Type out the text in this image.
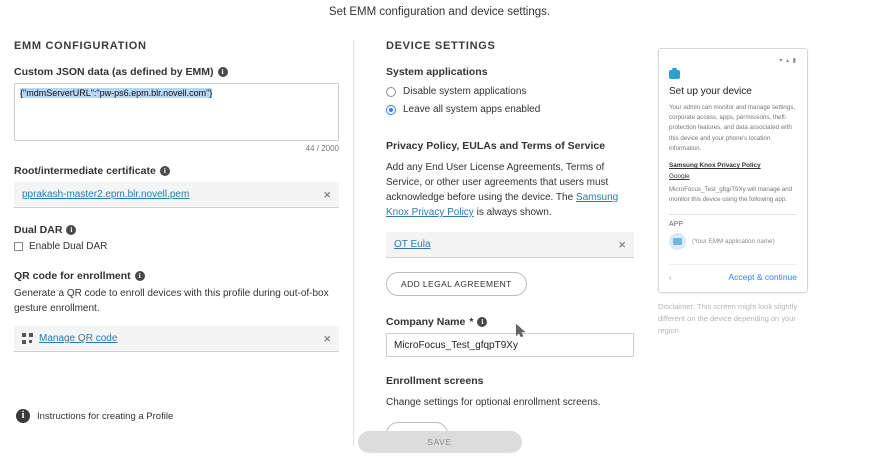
Set EMM configuration and device settings.
EMM CONFIGURATION
Custom JSON data (as defined by EMM)	i
{"mdmServerURL":"pw-ps6.epm.blr.novell.com"}
44 / 2000
Root/intermediate certificate	i
pprakash-master2.epm.blr.novell.pem	×
Dual DAR	i
Enable Dual DAR
QR code for enrollment	i
Generate a QR code to enroll devices with this profile during out-of-box gesture enrollment.
Manage QR code	×
DEVICE SETTINGS
System applications
Disable system applications
Leave all system apps enabled
Privacy Policy, EULAs and Terms of Service
Add any End User License Agreements, Terms of Service, or other user agreements that users must acknowledge before using the device. The Samsung Knox Privacy Policy is always shown.
OT Eula	×
ADD LEGAL AGREEMENT
Company Name *	i
MicroFocus_Test_gfqpT9Xy
Enrollment screens
Change settings for optional enrollment screens.
▾ ▴ ▮
Set up your device
Your admin can monitor and manage settings, corporate access, apps, permissions, theft-protection features, and data associated with this device and your phone's location information.
Samsung Knox Privacy Policy
Google
MicroFocus_Test_gfqpT9Xy will manage and monitor this device using the following app.
APP
(Your EMM application name)
‹	Accept & continue
Disclaimer: This screen might look slightly different on the device depending on your region.
i	Instructions for creating a Profile
SAVE
